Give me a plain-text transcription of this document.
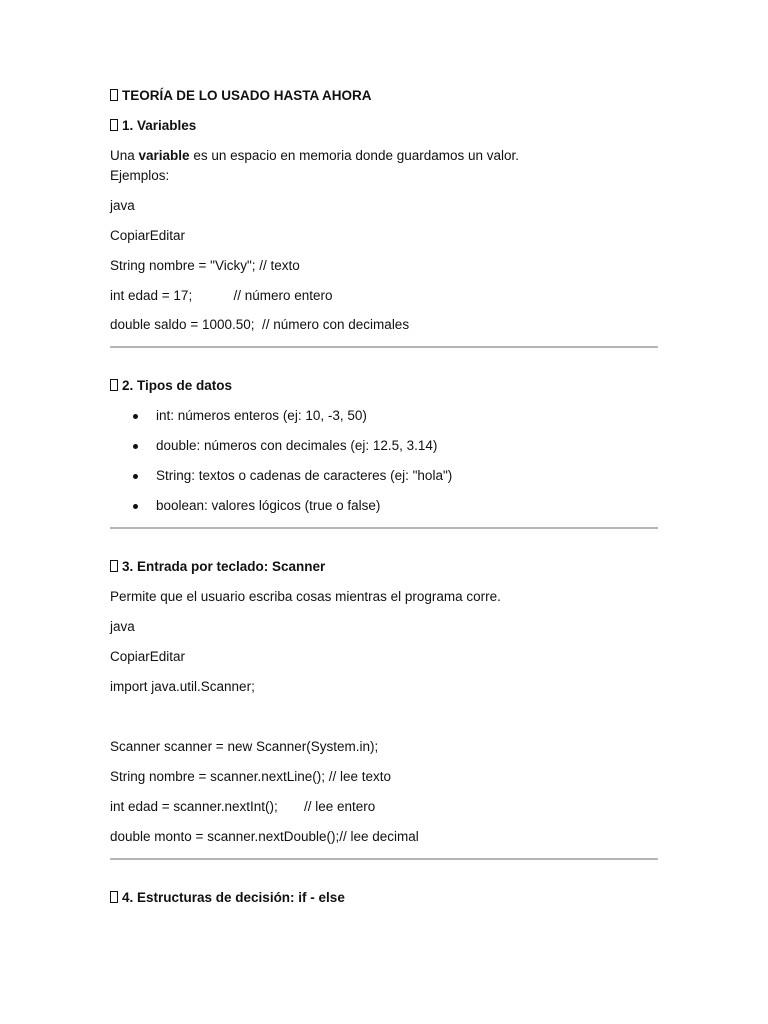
TEORÍA DE LO USADO HASTA AHORA
1. Variables
Una variable es un espacio en memoria donde guardamos un valor.
Ejemplos:
java
CopiarEditar
String nombre = "Vicky"; // texto
int edad = 17;           // número entero
double saldo = 1000.50;  // número con decimales
2. Tipos de datos
int: números enteros (ej: 10, -3, 50)
double: números con decimales (ej: 12.5, 3.14)
String: textos o cadenas de caracteres (ej: "hola")
boolean: valores lógicos (true o false)
3. Entrada por teclado: Scanner
Permite que el usuario escriba cosas mientras el programa corre.
java
CopiarEditar
import java.util.Scanner;
Scanner scanner = new Scanner(System.in);
String nombre = scanner.nextLine(); // lee texto
int edad = scanner.nextInt();       // lee entero
double monto = scanner.nextDouble();// lee decimal
4. Estructuras de decisión: if - else
